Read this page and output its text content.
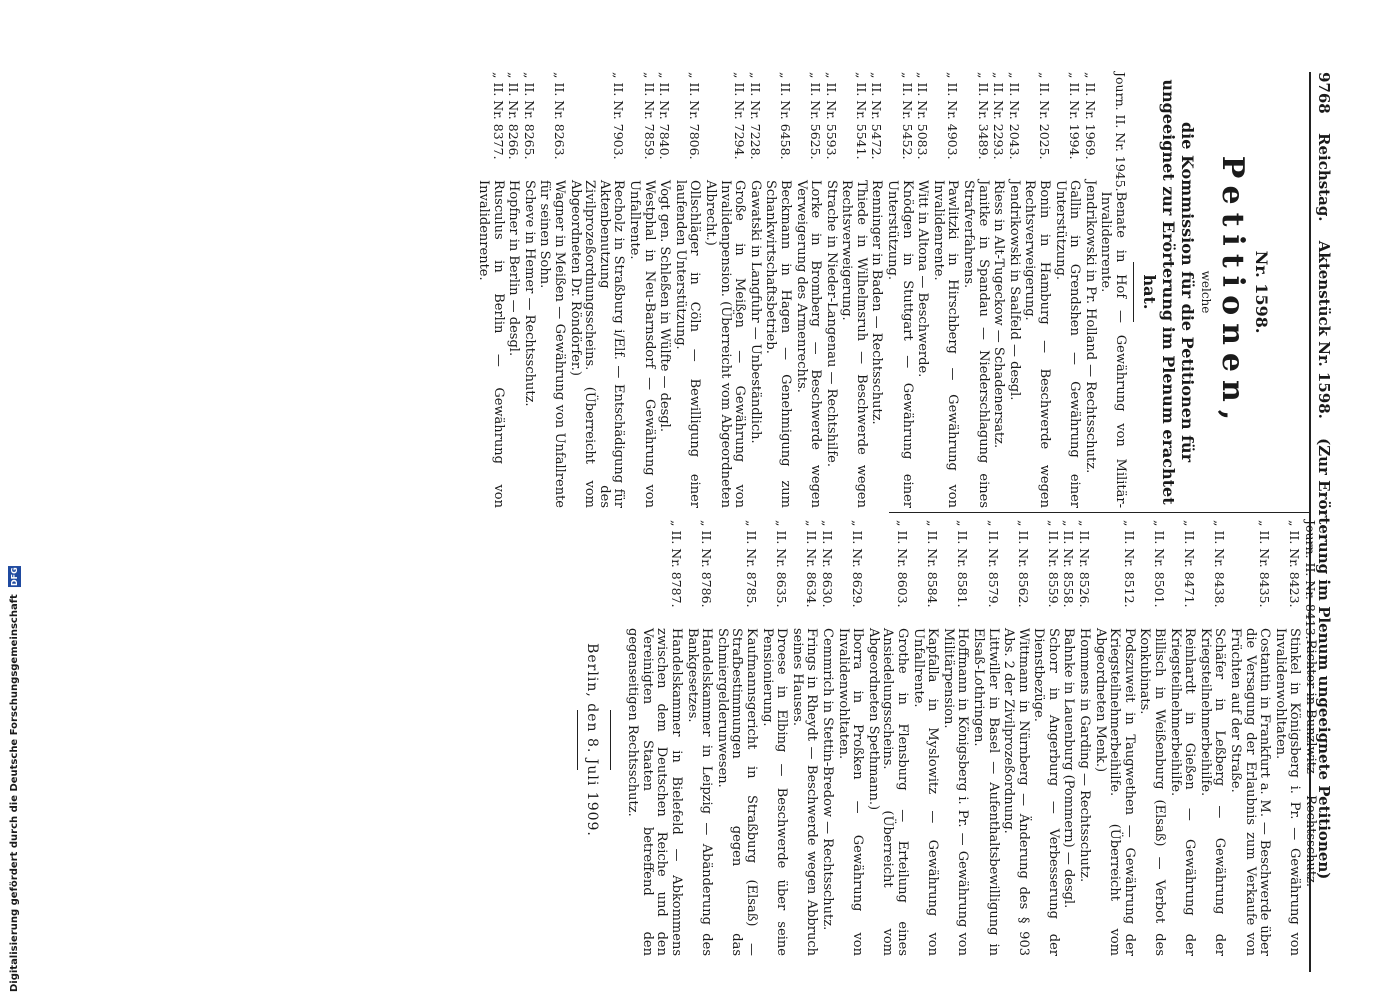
9768 Reichstag. Aktenstück Nr. 1598. (Zur Erörterung im Plenum ungeeignete Petitionen)
Nr. 1598.
Petitionen,
welche
die Kommission für die Petitionen für ungeeignet zur Erörterung im Plenum erachtet hat.
Journ. II. Nr. 1945.
Benate in Hof — Gewährung von Militär-Invalidenrente.
„ II. Nr. 1969.
Jendrikowski in Pr. Holland — Rechtsschutz.
„ II. Nr. 1994.
Gallin in Grendshen — Gewährung einer Unterstützung.
„ II. Nr. 2025.
Bonin in Hamburg — Beschwerde wegen Rechtsverweigerung.
„ II. Nr. 2043.
Jendrikowski in Saalfeld — desgl.
„ II. Nr. 2293.
Riess in Alt-Tugeckow — Schadenersatz.
„ II. Nr. 3489.
Janitke in Spandau — Niederschlagung eines Strafverfahrens.
„ II. Nr. 4903.
Pawlitzki in Hirschberg — Gewährung von Invalidenrente.
„ II. Nr. 5083.
Witt in Altona — Beschwerde.
„ II. Nr. 5452.
Knödgen in Stuttgart — Gewährung einer Unterstützung.
„ II. Nr. 5472.
Renninger in Baden — Rechtsschutz.
„ II. Nr. 5541.
Thiede in Wilhelmsruh — Beschwerde wegen Rechtsverweigerung.
„ II. Nr. 5593.
Strache in Nieder-Langenau — Rechtshilfe.
„ II. Nr. 5625.
Lorke in Bromberg — Beschwerde wegen Verweigerung des Armenrechts.
„ II. Nr. 6458.
Beckmann in Hagen — Genehmigung zum Schankwirtschaftsbetrieb.
„ II. Nr. 7228.
Gawatski in Langfuhr — Unbeständlich.
„ II. Nr. 7294.
Große in Meißen — Gewährung von Invalidenpension. (Überreicht vom Abgeordneten Albrecht.)
„ II. Nr. 7806.
Ollschläger in Cöln — Bewilligung einer laufenden Unterstützung.
„ II. Nr. 7840.
Vogt gen. Schleßen in Wülfte — desgl.
„ II. Nr. 7859.
Westphal in Neu-Barnsdorf — Gewährung von Unfallrente.
„ II. Nr. 7903.
Recholz in Straßburg i/Elf. — Entschädigung für Aktenbenutzung des Zivilprozeßordnungsscheins. (Überreicht vom Abgeordneten Dr. Röndörfer.)
„ II. Nr. 8263.
Wagner in Meißen — Gewährung von Unfallrente für seinen Sohn.
„ II. Nr. 8265.
Scheve in Hemer — Rechtsschutz.
„ II. Nr. 8266.
Hopfner in Berlin — desgl.
„ II. Nr. 8377.
Rusculus in Berlin — Gewährung von Invalidenrente.
Journ. II. Nr. 8413.
Richter in Bunzlwitz — Rechtsschutz.
„ II. Nr. 8423.
Stinkel in Königsberg i. Pr. — Gewährung von Invalidenwohltaten.
„ II. Nr. 8435.
Costantin in Frankfurt a. M. — Beschwerde über die Versagung der Erlaubnis zum Verkaufe von Früchten auf der Straße.
„ II. Nr. 8438.
Schäfer in Leßberg — Gewährung der Kriegsteilnehmerbeihilfe.
„ II. Nr. 8471.
Reinhardt in Gießen — Gewährung der Kriegsteilnehmerbeihilfe.
„ II. Nr. 8501.
Billisch in Weißenburg (Elsaß) — Verbot des Konkubinats.
„ II. Nr. 8512.
Podszuweit in Taugwethen — Gewährung der Kriegsteilnehmerbeihilfe. (Überreicht vom Abgeordneten Menk.)
„ II. Nr. 8526.
Hommens in Garding — Rechtsschutz.
„ II. Nr. 8558.
Bahnke in Lauenburg (Pommern) — desgl.
„ II. Nr. 8559.
Schorr in Angerburg — Verbesserung der Dienstbezüge.
„ II. Nr. 8562.
Wittmann in Nürnberg — Änderung des § 903 Abs. 2 der Zivilprozeßordnung.
„ II. Nr. 8579.
Littwiller in Basel — Aufenthaltsbewilligung in Elsaß-Lothringen.
„ II. Nr. 8581.
Hoffmann in Königsberg i. Pr. — Gewährung von Militärpension.
„ II. Nr. 8584.
Kapfalla in Myslowitz — Gewährung von Unfallrente.
„ II. Nr. 8603.
Grothe in Flensburg — Erteilung eines Ansiedelungsscheins. (Überreicht vom Abgeordneten Spethmann.)
„ II. Nr. 8629.
Iborra in Proßken — Gewährung von Invalidenwohltaten.
„ II. Nr. 8630.
Cemmrich in Stettin-Bredow — Rechtsschutz.
„ II. Nr. 8634.
Frings in Rheydt — Beschwerde wegen Abbruch seines Hauses.
„ II. Nr. 8635.
Droese in Elbing — Beschwerde über seine Pensionierung.
„ II. Nr. 8785.
Kaufmannsgericht in Straßburg (Elsaß) — Strafbestimmungen gegen das Schmiergelderunwesen.
„ II. Nr. 8786.
Handelskammer in Leipzig — Abänderung des Bankgesetzes.
„ II. Nr. 8787.
Handelskammer in Bielefeld — Abkommens zwischen dem Deutschen Reiche und den Vereinigten Staaten betreffend den gegenseitigen Rechtsschutz.
Berlin, den 8. Juli 1909.
Digitalisierung gefördert durch die Deutsche Forschungsgemeinschaft DFG
